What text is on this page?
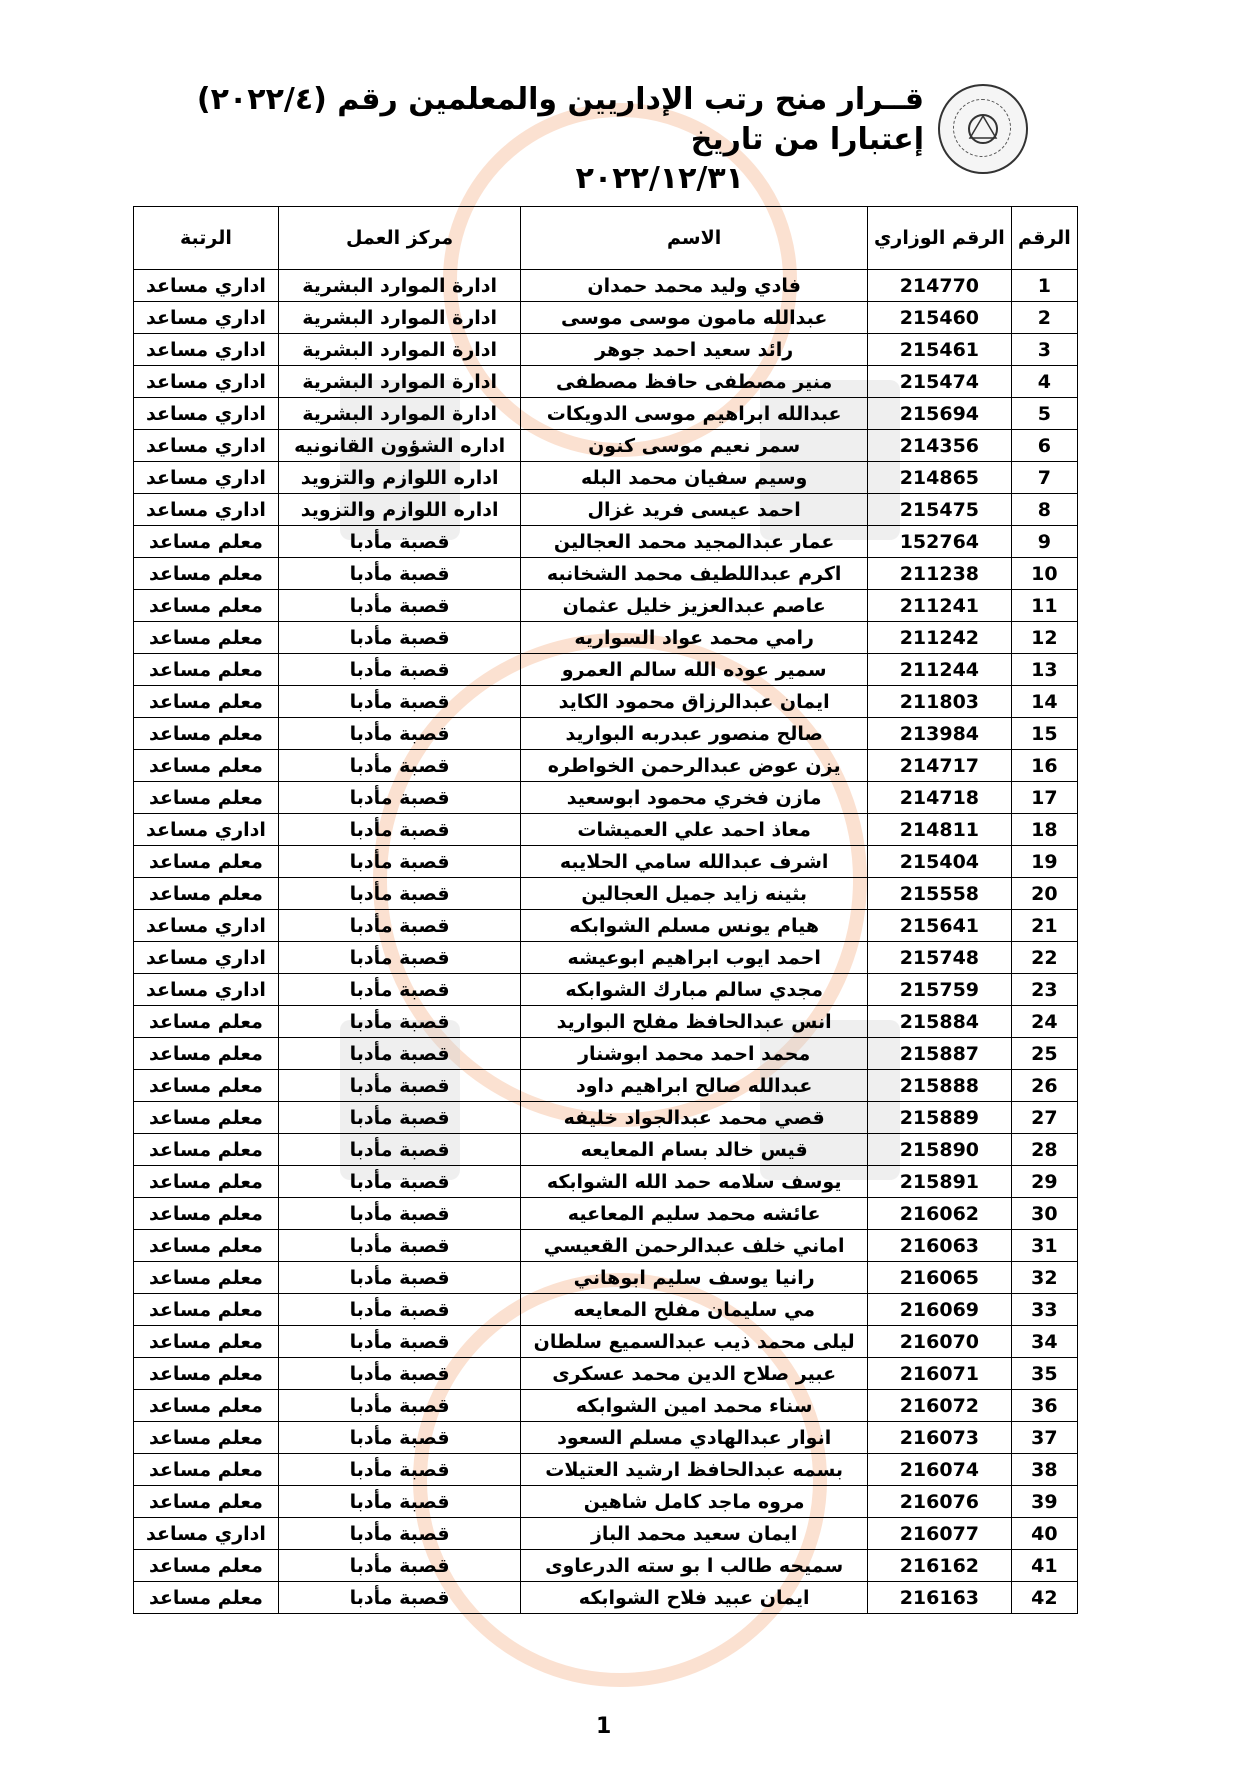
قــرار منح رتب الإداريين والمعلمين رقم (٢٠٢٢/٤) إعتبارا من تاريخ

٢٠٢٢/١٢/٣١

الرقم	الرقم الوزاري	الاسم	مركز العمل	الرتبة
1	214770	فادي وليد محمد حمدان	ادارة الموارد البشرية	اداري مساعد
2	215460	عبدالله مامون موسى موسى	ادارة الموارد البشرية	اداري مساعد
3	215461	رائد سعيد احمد جوهر	ادارة الموارد البشرية	اداري مساعد
4	215474	منير مصطفى حافظ مصطفى	ادارة الموارد البشرية	اداري مساعد
5	215694	عبدالله ابراهيم موسى الدويكات	ادارة الموارد البشرية	اداري مساعد
6	214356	سمر نعيم موسى كنون	اداره الشؤون القانونيه	اداري مساعد
7	214865	وسيم سفيان محمد البله	اداره اللوازم والتزويد	اداري مساعد
8	215475	احمد عيسى فريد غزال	اداره اللوازم والتزويد	اداري مساعد
9	152764	عمار عبدالمجيد محمد العجالين	قصبة مأدبا	معلم مساعد
10	211238	اكرم عبداللطيف محمد الشخانبه	قصبة مأدبا	معلم مساعد
11	211241	عاصم عبدالعزيز خليل عثمان	قصبة مأدبا	معلم مساعد
12	211242	رامي محمد عواد السواريه	قصبة مأدبا	معلم مساعد
13	211244	سمير عوده الله سالم العمرو	قصبة مأدبا	معلم مساعد
14	211803	ايمان عبدالرزاق محمود الكايد	قصبة مأدبا	معلم مساعد
15	213984	صالح منصور عبدربه البواريد	قصبة مأدبا	معلم مساعد
16	214717	يزن عوض عبدالرحمن الخواطره	قصبة مأدبا	معلم مساعد
17	214718	مازن فخري محمود ابوسعيد	قصبة مأدبا	معلم مساعد
18	214811	معاذ احمد علي العميشات	قصبة مأدبا	اداري مساعد
19	215404	اشرف عبدالله سامي الحلايبه	قصبة مأدبا	معلم مساعد
20	215558	بثينه زايد جميل العجالين	قصبة مأدبا	معلم مساعد
21	215641	هيام يونس مسلم الشوابكه	قصبة مأدبا	اداري مساعد
22	215748	احمد ايوب ابراهيم ابوعيشه	قصبة مأدبا	اداري مساعد
23	215759	مجدي سالم مبارك الشوابكه	قصبة مأدبا	اداري مساعد
24	215884	انس عبدالحافظ مفلح البواريد	قصبة مأدبا	معلم مساعد
25	215887	محمد احمد محمد ابوشنار	قصبة مأدبا	معلم مساعد
26	215888	عبدالله صالح ابراهيم داود	قصبة مأدبا	معلم مساعد
27	215889	قصي محمد عبدالجواد خليفه	قصبة مأدبا	معلم مساعد
28	215890	قيس خالد بسام المعايعه	قصبة مأدبا	معلم مساعد
29	215891	يوسف سلامه حمد الله الشوابكه	قصبة مأدبا	معلم مساعد
30	216062	عائشه محمد سليم المعاعيه	قصبة مأدبا	معلم مساعد
31	216063	اماني خلف عبدالرحمن القعيسي	قصبة مأدبا	معلم مساعد
32	216065	رانيا يوسف سليم ابوهاني	قصبة مأدبا	معلم مساعد
33	216069	مي سليمان مفلح المعايعه	قصبة مأدبا	معلم مساعد
34	216070	ليلى محمد ذيب عبدالسميع سلطان	قصبة مأدبا	معلم مساعد
35	216071	عبير صلاح الدين محمد عسكرى	قصبة مأدبا	معلم مساعد
36	216072	سناء محمد امين الشوابكه	قصبة مأدبا	معلم مساعد
37	216073	انوار عبدالهادي مسلم السعود	قصبة مأدبا	معلم مساعد
38	216074	بسمه عبدالحافظ ارشيد العتيلات	قصبة مأدبا	معلم مساعد
39	216076	مروه ماجد كامل شاهين	قصبة مأدبا	معلم مساعد
40	216077	ايمان سعيد محمد الباز	قصبة مأدبا	اداري مساعد
41	216162	سميحه طالب ا بو سته الدرعاوى	قصبة مأدبا	معلم مساعد
42	216163	ايمان عبيد فلاح الشوابكه	قصبة مأدبا	معلم مساعد
1
